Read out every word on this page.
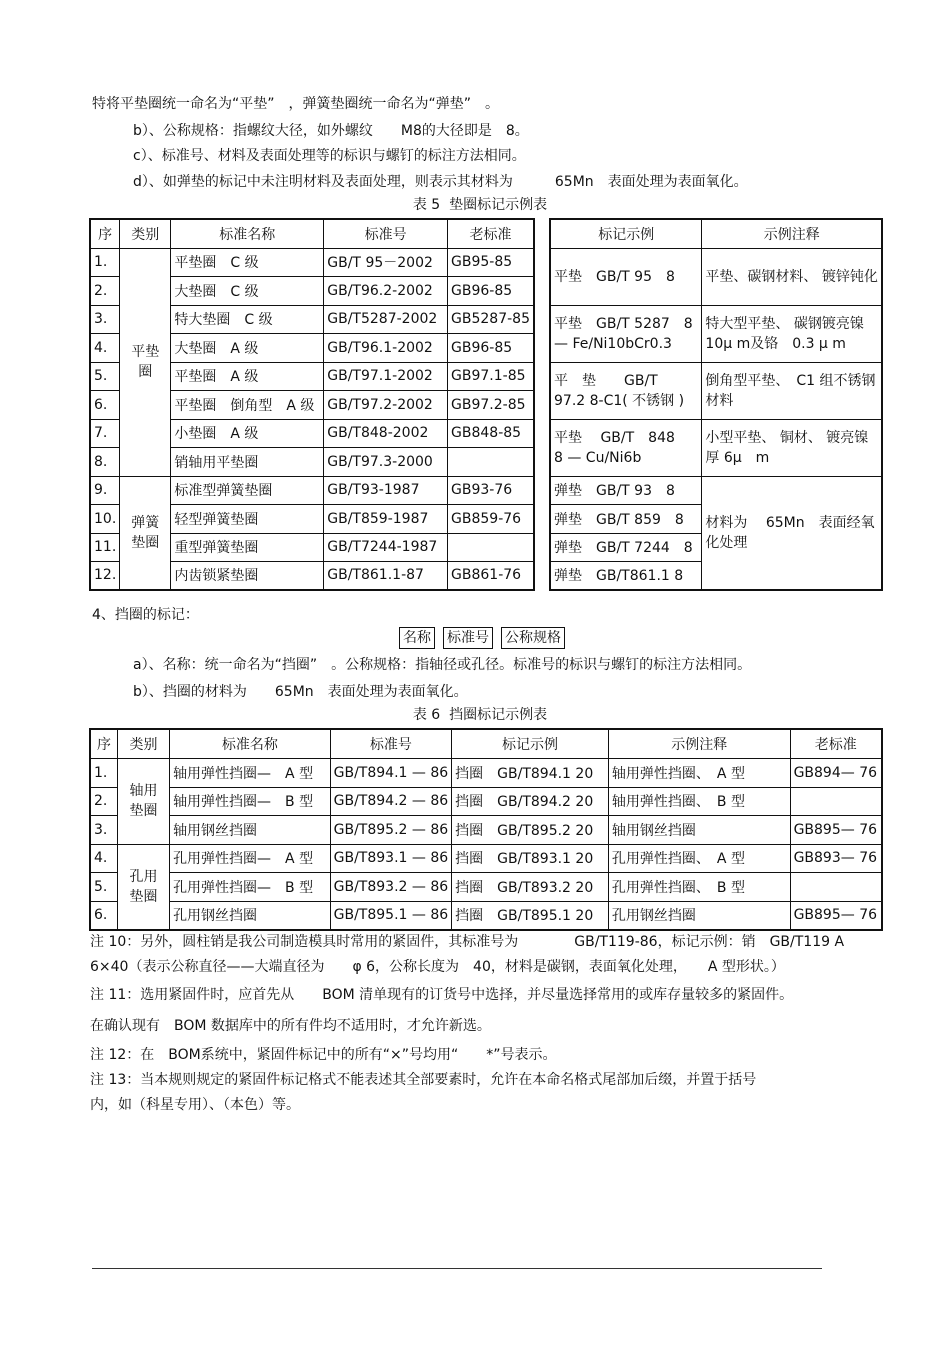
特将平垫圈统一命名为“平垫”　，弹簧垫圈统一命名为“弹垫”　。
b）、公称规格：指螺纹大径，如外螺纹　　M8的大径即是　8。
c）、标准号、材料及表面处理等的标识与螺钉的标注方法相同。
d）、如弹垫的标记中未注明材料及表面处理，则表示其材料为　　　65Mn　表面处理为表面氧化。
表 5  垫圈标记示例表
序	类别	标准名称	标准号	老标准
1.	平垫圈	平垫圈　C 级	GB/T 95－2002	GB95-85
2.		大垫圈　C 级	GB/T96.2-2002	GB96-85
3.		特大垫圈　C 级	GB/T5287-2002	GB5287-85
4.		大垫圈　A 级	GB/T96.1-2002	GB96-85
5.		平垫圈　A 级	GB/T97.1-2002	GB97.1-85
6.		平垫圈　倒角型　A 级	GB/T97.2-2002	GB97.2-85
7.		小垫圈　A 级	GB/T848-2002	GB848-85
8.		销轴用平垫圈	GB/T97.3-2000	
9.	弹簧垫圈	标准型弹簧垫圈	GB/T93-1987	GB93-76
10.		轻型弹簧垫圈	GB/T859-1987	GB859-76
11.		重型弹簧垫圈	GB/T7244-1987	
12.		内齿锁紧垫圈	GB/T861.1-87	GB861-76
标记示例	示例注释
平垫　GB/T 95　8	平垫、碳钢材料、 镀锌钝化
平垫　GB/T 5287　8 — Fe/Ni10bCr0.3	特大型平垫、 碳钢镀亮镍 10μ m及铬　0.3 μ m
平　垫　　GB/T　97.2 8-C1( 不锈钢 )	倒角型平垫、　C1 组不锈钢材料
平垫　 GB/T　848　 8 — Cu/Ni6b	小型平垫、 铜材、 镀亮镍厚 6μ　m
弹垫　GB/T 93　8	材料为　 65Mn　表面经氧化处理
弹垫　GB/T 859　8	
弹垫　GB/T 7244　8	
弹垫　GB/T861.1 8	
4、挡圈的标记：
名称 标准号 公称规格
a）、名称：统一命名为“挡圈”　。公称规格：指轴径或孔径。标准号的标识与螺钉的标注方法相同。
b）、挡圈的材料为　　65Mn　表面处理为表面氧化。
表 6  挡圈标记示例表
序	类别	标准名称	标准号	标记示例	示例注释	老标准
1.	轴用垫圈	轴用弹性挡圈—　A 型	GB/T894.1 — 86	挡圈　GB/T894.1 20	轴用弹性挡圈、　A 型	GB894— 76
2.		轴用弹性挡圈—　B 型	GB/T894.2 — 86	挡圈　GB/T894.2 20	轴用弹性挡圈、　B 型	
3.		轴用钢丝挡圈	GB/T895.2 — 86	挡圈　GB/T895.2 20	轴用钢丝挡圈	GB895— 76
4.	孔用垫圈	孔用弹性挡圈—　A 型	GB/T893.1 — 86	挡圈　GB/T893.1 20	孔用弹性挡圈、　A 型	GB893— 76
5.		孔用弹性挡圈—　B 型	GB/T893.2 — 86	挡圈　GB/T893.2 20	孔用弹性挡圈、　B 型	
6.		孔用钢丝挡圈	GB/T895.1 — 86	挡圈　GB/T895.1 20	孔用钢丝挡圈	GB895— 76
注 10：另外，圆柱销是我公司制造模具时常用的紧固件，其标准号为　　　　GB/T119-86，标记示例：销　GB/T119 A
6×40（表示公称直径——大端直径为　　φ 6，公称长度为　40，材料是碳钢，表面氧化处理，　　A 型形状。）
注 11：选用紧固件时，应首先从　　BOM 清单现有的订货号中选择，并尽量选择常用的或库存量较多的紧固件。
在确认现有　BOM 数据库中的所有件均不适用时，才允许新选。
注 12：在　BOM系统中，紧固件标记中的所有“×”号均用“　　*”号表示。
注 13：当本规则规定的紧固件标记格式不能表述其全部要素时，允许在本命名格式尾部加后缀，并置于括号
内，如（科星专用）、（本色）等。
